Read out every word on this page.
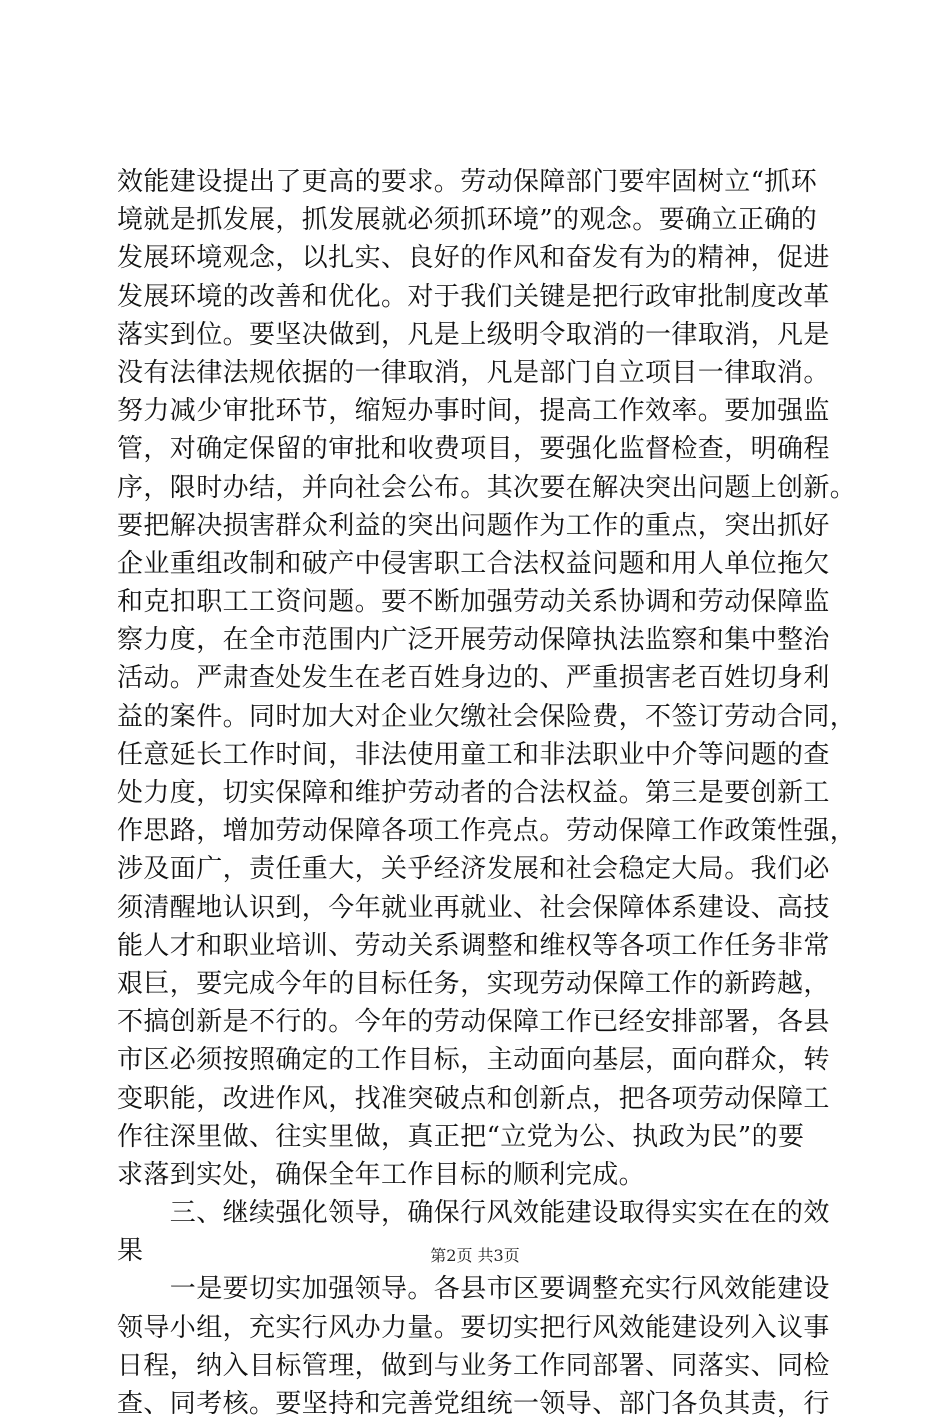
效能建设提出了更高的要求。劳动保障部门要牢固树立“抓环
境就是抓发展，抓发展就必须抓环境”的观念。要确立正确的
发展环境观念，以扎实、良好的作风和奋发有为的精神，促进
发展环境的改善和优化。对于我们关键是把行政审批制度改革
落实到位。要坚决做到，凡是上级明令取消的一律取消，凡是
没有法律法规依据的一律取消，凡是部门自立项目一律取消。
努力减少审批环节，缩短办事时间，提高工作效率。要加强监
管，对确定保留的审批和收费项目，要强化监督检查，明确程
序，限时办结，并向社会公布。其次要在解决突出问题上创新。
要把解决损害群众利益的突出问题作为工作的重点，突出抓好
企业重组改制和破产中侵害职工合法权益问题和用人单位拖欠
和克扣职工工资问题。要不断加强劳动关系协调和劳动保障监
察力度，在全市范围内广泛开展劳动保障执法监察和集中整治
活动。严肃查处发生在老百姓身边的、严重损害老百姓切身利
益的案件。同时加大对企业欠缴社会保险费，不签订劳动合同，
任意延长工作时间，非法使用童工和非法职业中介等问题的查
处力度，切实保障和维护劳动者的合法权益。第三是要创新工
作思路，增加劳动保障各项工作亮点。劳动保障工作政策性强，
涉及面广，责任重大，关乎经济发展和社会稳定大局。我们必
须清醒地认识到，今年就业再就业、社会保障体系建设、高技
能人才和职业培训、劳动关系调整和维权等各项工作任务非常
艰巨，要完成今年的目标任务，实现劳动保障工作的新跨越，
不搞创新是不行的。今年的劳动保障工作已经安排部署，各县
市区必须按照确定的工作目标，主动面向基层，面向群众，转
变职能，改进作风，找准突破点和创新点，把各项劳动保障工
作往深里做、往实里做，真正把“立党为公、执政为民”的要
求落到实处，确保全年工作目标的顺利完成。
　　三、继续强化领导，确保行风效能建设取得实实在在的效
果
　　一是要切实加强领导。各县市区要调整充实行风效能建设
领导小组，充实行风办力量。要切实把行风效能建设列入议事
日程，纳入目标管理，做到与业务工作同部署、同落实、同检
查、同考核。要坚持和完善党组统一领导、部门各负其责，行
第2页 共3页
